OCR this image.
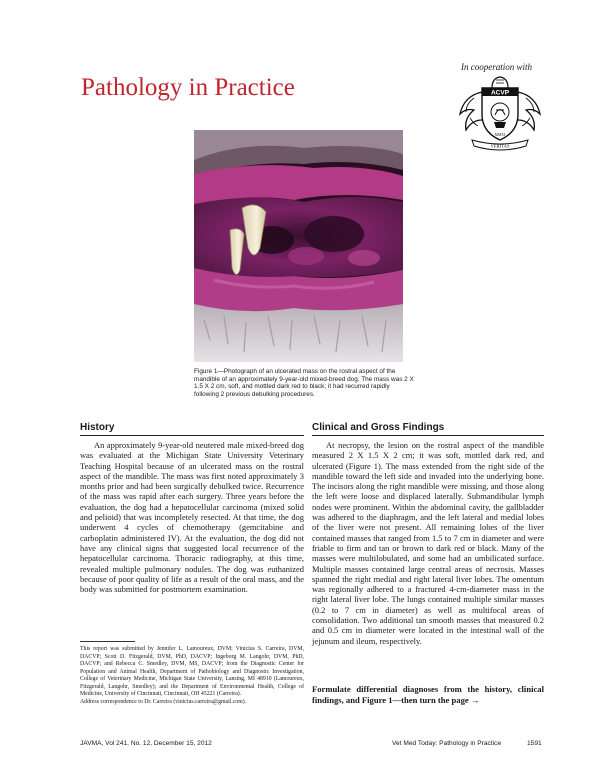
In cooperation with
ACVP
VERITAS
MMXI
Pathology in Practice

Figure 1—Photograph of an ulcerated mass on the rostral aspect of the mandible of an approximately 9-year-old mixed-breed dog. The mass was 2 X 1.5 X 2 cm, soft, and mottled dark red to black; it had recurred rapidly following 2 previous debulking procedures.

History

An approximately 9-year-old neutered male mixed-breed dog was evaluated at the Michigan State University Veterinary Teaching Hospital because of an ulcerated mass on the rostral aspect of the mandible. The mass was first noted approximately 3 months prior and had been surgically debulked twice. Recurrence of the mass was rapid after each surgery. Three years before the evaluation, the dog had a hepatocellular carcinoma (mixed solid and pelioid) that was incompletely resected. At that time, the dog underwent 4 cycles of chemotherapy (gemcitabine and carboplatin administered IV). At the evaluation, the dog did not have any clinical signs that suggested local recurrence of the hepatocellular carcinoma. Thoracic radiography, at this time, revealed multiple pulmonary nodules. The dog was euthanized because of poor quality of life as a result of the oral mass, and the body was submitted for postmortem examination.

This report was submitted by Jennifer L. Lamoureux, DVM; Vinicius S. Carreira, DVM, DACVP; Scott D. Fitzgerald, DVM, PhD, DACVP; Ingeborg M. Langohr, DVM, PhD, DACVP; and Rebecca C. Smedley, DVM, MS, DACVP; from the Diagnostic Center for Population and Animal Health, Department of Pathobiology and Diagnostic Investigation, College of Veterinary Medicine, Michigan State University, Lansing, MI 48910 (Lamoureux, Fitzgerald, Langohr, Smedley); and the Department of Environmental Health, College of Medicine, University of Cincinnati, Cincinnati, OH 45221 (Carreira).

Address correspondence to Dr. Carreira (vinicius.carreira@gmail.com).

Clinical and Gross Findings

At necropsy, the lesion on the rostral aspect of the mandible measured 2 X 1.5 X 2 cm; it was soft, mottled dark red, and ulcerated (Figure 1). The mass extended from the right side of the mandible toward the left side and invaded into the underlying bone. The incisors along the right mandible were missing, and those along the left were loose and displaced laterally. Submandibular lymph nodes were prominent. Within the abdominal cavity, the gallbladder was adhered to the diaphragm, and the left lateral and medial lobes of the liver were not present. All remaining lobes of the liver contained masses that ranged from 1.5 to 7 cm in diameter and were friable to firm and tan or brown to dark red or black. Many of the masses were multilobulated, and some had an umbilicated surface. Multiple masses contained large central areas of necrosis. Masses spanned the right medial and right lateral liver lobes. The omentum was regionally adhered to a fractured 4-cm-diameter mass in the right lateral liver lobe. The lungs contained multiple similar masses (0.2 to 7 cm in diameter) as well as multifocal areas of consolidation. Two additional tan smooth masses that measured 0.2 and 0.5 cm in diameter were located in the intestinal wall of the jejunum and ileum, respectively.

Formulate differential diagnoses from the history, clinical findings, and Figure 1—then turn the page →
JAVMA, Vol 241, No. 12, December 15, 2012	Vet Med Today: Pathology in Practice	1591
